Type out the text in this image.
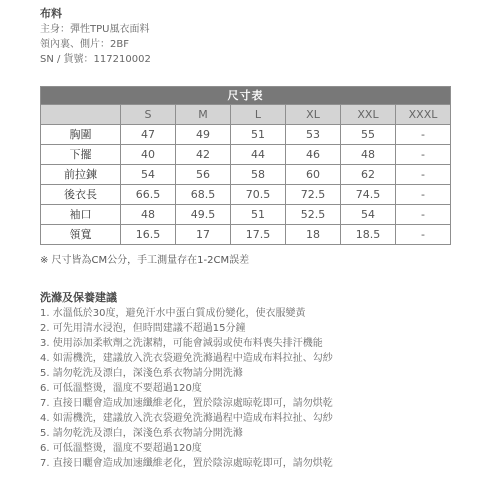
布料
主身：彈性TPU風衣面料
領內裏、側片：2BF
SN / 貨號：117210002
尺寸表						
	S	M	L	XL	XXL	XXXL
胸圍	47	49	51	53	55	-
下擺	40	42	44	46	48	-
前拉鍊	54	56	58	60	62	-
後衣長	66.5	68.5	70.5	72.5	74.5	-
袖口	48	49.5	51	52.5	54	-
領寬	16.5	17	17.5	18	18.5	-
※ 尺寸皆為CM公分，手工測量存在1-2CM誤差
洗滌及保養建議
1. 水溫低於30度，避免汗水中蛋白質成份變化，使衣服變黃
2. 可先用清水浸泡，但時間建議不超過15分鐘
3. 使用添加柔軟劑之洗潔精，可能會減弱或使布料喪失排汗機能
4. 如需機洗，建議放入洗衣袋避免洗滌過程中造成布料拉扯、勾紗
5. 請勿乾洗及漂白，深淺色系衣物請分開洗滌
6. 可低溫整燙，溫度不要超過120度
7. 直接日曬會造成加速纖維老化，置於陰涼處晾乾即可，請勿烘乾
4. 如需機洗，建議放入洗衣袋避免洗滌過程中造成布料拉扯、勾紗
5. 請勿乾洗及漂白，深淺色系衣物請分開洗滌
6. 可低溫整燙，溫度不要超過120度
7. 直接日曬會造成加速纖維老化，置於陰涼處晾乾即可，請勿烘乾
